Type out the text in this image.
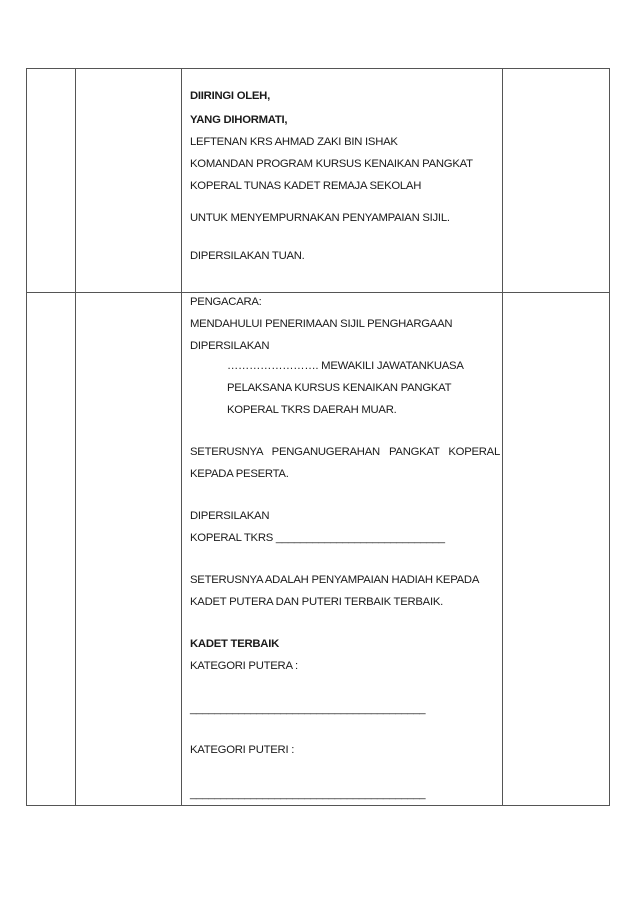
DIIRINGI OLEH,
YANG DIHORMATI,
LEFTENAN KRS AHMAD ZAKI BIN ISHAK
KOMANDAN PROGRAM KURSUS KENAIKAN PANGKAT
KOPERAL TUNAS KADET REMAJA SEKOLAH
UNTUK MENYEMPURNAKAN PENYAMPAIAN SIJIL.
DIPERSILAKAN TUAN.
PENGACARA:
MENDAHULUI PENERIMAAN SIJIL PENGHARGAAN
DIPERSILAKAN
……………………. MEWAKILI JAWATANKUASA
PELAKSANA KURSUS KENAIKAN PANGKAT
KOPERAL TKRS DAERAH MUAR.
SETERUSNYA PENGANUGERAHAN PANGKAT KOPERAL
KEPADA PESERTA.
DIPERSILAKAN
KOPERAL TKRS ____________________________
SETERUSNYA ADALAH PENYAMPAIAN HADIAH KEPADA
KADET PUTERA DAN PUTERI TERBAIK TERBAIK.
KADET TERBAIK
KATEGORI PUTERA :
_______________________________________
KATEGORI PUTERI :
_______________________________________
